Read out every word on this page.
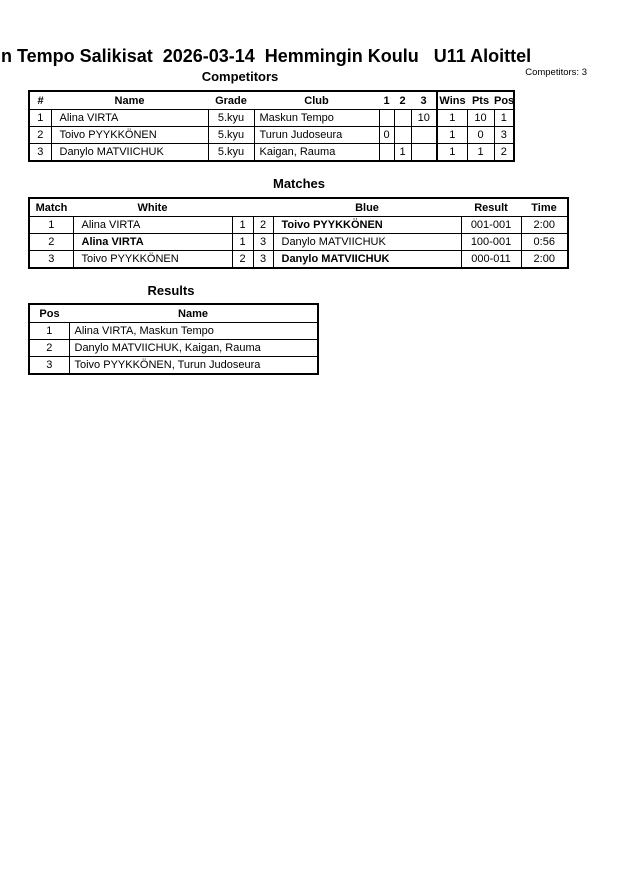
n Tempo Salikisat  2026-03-14  Hemmingin Koulu   U11 Aloittel
Competitors	Competitors: 3
#	Name	Grade	Club	1	2	3	Wins	Pts	Pos
1	Alina VIRTA	5.kyu	Maskun Tempo			10	1	10	1
2	Toivo PYYKKÖNEN	5.kyu	Turun Judoseura	0			1	0	3
3	Danylo MATVIICHUK	5.kyu	Kaigan, Rauma		1		1	1	2
Matches
Match	White			Blue	Result	Time
1	Alina VIRTA	1	2	Toivo PYYKKÖNEN	001-001	2:00
2	Alina VIRTA	1	3	Danylo MATVIICHUK	100-001	0:56
3	Toivo PYYKKÖNEN	2	3	Danylo MATVIICHUK	000-011	2:00
Results
Pos	Name
1	Alina VIRTA, Maskun Tempo
2	Danylo MATVIICHUK, Kaigan, Rauma
3	Toivo PYYKKÖNEN, Turun Judoseura
